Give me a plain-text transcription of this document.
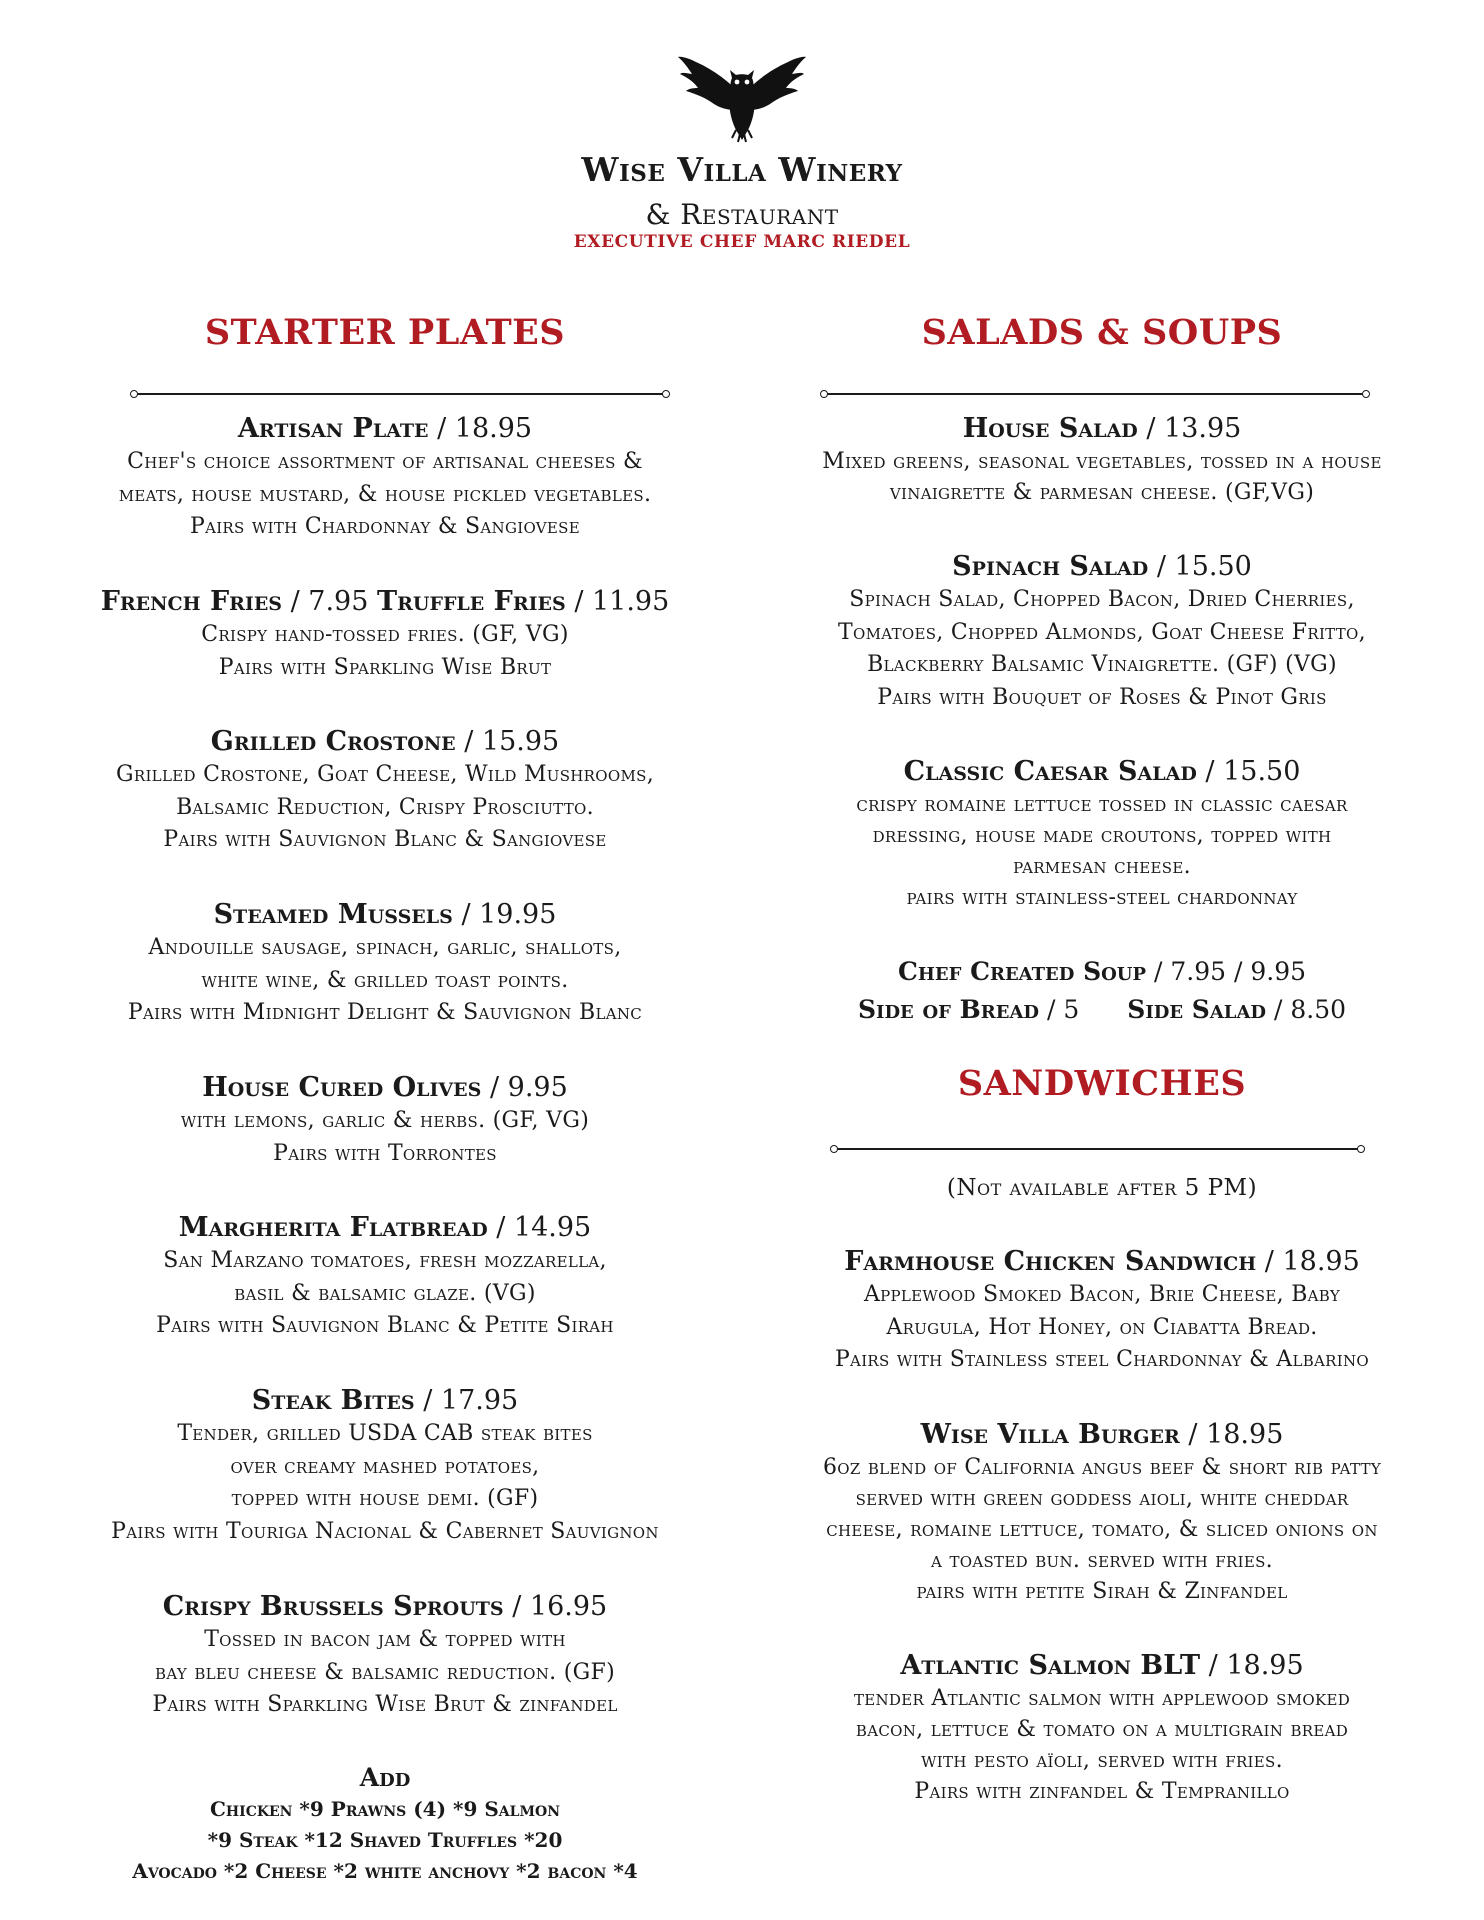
Wise Villa Winery
& Restaurant
EXECUTIVE CHEF MARC RIEDEL
STARTER PLATES
Artisan Plate / 18.95
Chef's choice assortment of artisanal cheeses &
meats, house mustard, & house pickled vegetables.
Pairs with Chardonnay & Sangiovese
French Fries / 7.95 Truffle Fries / 11.95
Crispy hand-tossed fries. (GF, VG)
Pairs with Sparkling Wise Brut
Grilled Crostone / 15.95
Grilled Crostone, Goat Cheese, Wild Mushrooms,
Balsamic Reduction, Crispy Prosciutto.
Pairs with Sauvignon Blanc & Sangiovese
Steamed Mussels / 19.95
Andouille sausage, spinach, garlic, shallots,
white wine, & grilled toast points.
Pairs with Midnight Delight & Sauvignon Blanc
House Cured Olives / 9.95
with lemons, garlic & herbs. (GF, VG)
Pairs with Torrontes
Margherita Flatbread / 14.95
San Marzano tomatoes, fresh mozzarella,
basil & balsamic glaze. (VG)
Pairs with Sauvignon Blanc & Petite Sirah
Steak Bites / 17.95
Tender, grilled USDA CAB steak bites
over creamy mashed potatoes,
topped with house demi. (GF)
Pairs with Touriga Nacional & Cabernet Sauvignon
Crispy Brussels Sprouts / 16.95
Tossed in bacon jam & topped with
bay bleu cheese & balsamic reduction. (GF)
Pairs with Sparkling Wise Brut & zinfandel
Add
Chicken *9 Prawns (4) *9 Salmon
*9 Steak *12 Shaved Truffles *20
Avocado *2 Cheese *2 white anchovy *2 bacon *4
SALADS & SOUPS
House Salad / 13.95
Mixed greens, seasonal vegetables, tossed in a house
vinaigrette & parmesan cheese. (GF,VG)
Spinach Salad / 15.50
Spinach Salad, Chopped Bacon, Dried Cherries,
Tomatoes, Chopped Almonds, Goat Cheese Fritto,
Blackberry Balsamic Vinaigrette. (GF) (VG)
Pairs with Bouquet of Roses & Pinot Gris
Classic Caesar Salad / 15.50
crispy romaine lettuce tossed in classic caesar
dressing, house made croutons, topped with
parmesan cheese.
pairs with stainless-steel chardonnay
Chef Created Soup / 7.95 / 9.95
Side of Bread / 5 Side Salad / 8.50
SANDWICHES
(Not available after 5 PM)
Farmhouse Chicken Sandwich / 18.95
Applewood Smoked Bacon, Brie Cheese, Baby
Arugula, Hot Honey, on Ciabatta Bread.
Pairs with Stainless steel Chardonnay & Albarino
Wise Villa Burger / 18.95
6oz blend of California angus beef & short rib patty
served with green goddess aioli, white cheddar
cheese, romaine lettuce, tomato, & sliced onions on
a toasted bun. served with fries.
pairs with petite Sirah & Zinfandel
Atlantic Salmon BLT / 18.95
tender Atlantic salmon with applewood smoked
bacon, lettuce & tomato on a multigrain bread
with pesto aïoli, served with fries.
Pairs with zinfandel & Tempranillo
